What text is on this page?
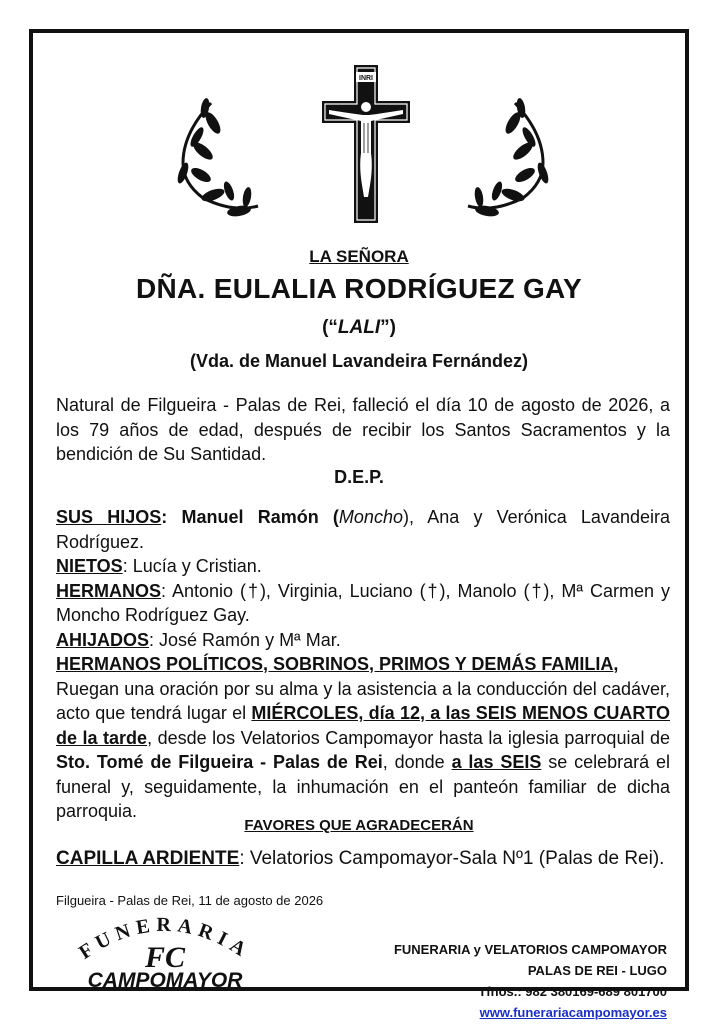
INRI
LA SEÑORA
DÑA. EULALIA RODRÍGUEZ GAY
(“LALI”)
(Vda. de Manuel Lavandeira Fernández)
Natural de Filgueira - Palas de Rei, falleció el día 10 de agosto de 2026, a los 79 años de edad, después de recibir los Santos Sacramentos y la bendición de Su Santidad.
D.E.P.
SUS HIJOS: Manuel Ramón (Moncho), Ana y Verónica Lavandeira Rodríguez.
NIETOS: Lucía y Cristian.
HERMANOS: Antonio (†), Virginia, Luciano (†), Manolo (†), Mª Carmen y Moncho Rodríguez Gay.
AHIJADOS: José Ramón y Mª Mar.
HERMANOS POLÍTICOS, SOBRINOS, PRIMOS Y DEMÁS FAMILIA,
Ruegan una oración por su alma y la asistencia a la conducción del cadáver, acto que tendrá lugar el MIÉRCOLES, día 12, a las SEIS MENOS CUARTO de la tarde, desde los Velatorios Campomayor hasta la iglesia parroquial de Sto. Tomé de Filgueira - Palas de Rei, donde a las SEIS se celebrará el funeral y, seguidamente, la inhumación en el panteón familiar de dicha parroquia.
FAVORES QUE AGRADECERÁN
CAPILLA ARDIENTE: Velatorios Campomayor-Sala Nº1 (Palas de Rei).
Filgueira - Palas de Rei, 11 de agosto de 2026
FUNERARIA
FC
CAMPOMAYOR
FUNERARIA y VELATORIOS CAMPOMAYOR
PALAS DE REI - LUGO
Tfnos.: 982 380169-689 801700
www.funerariacampomayor.es
